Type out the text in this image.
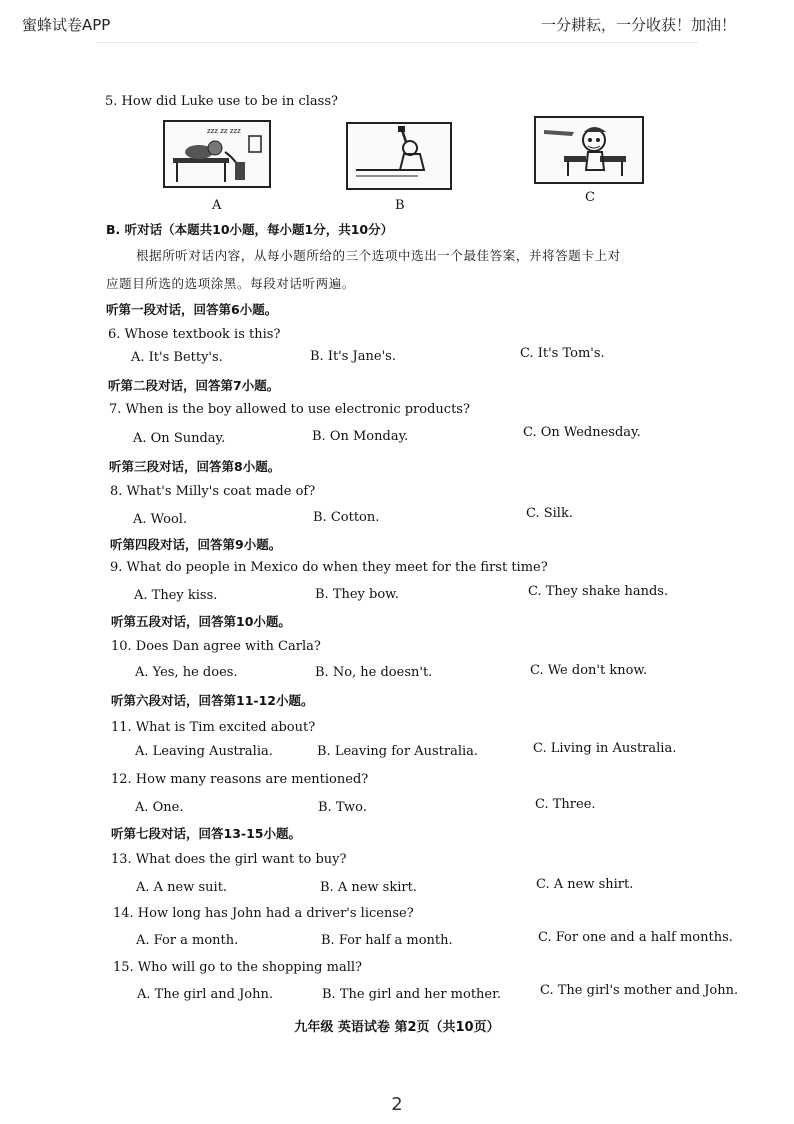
蜜蜂试卷APP	一分耕耘，一分收获！加油！
5. How did Luke use to be in class?
zzz zz zzz
A	B
C
B. 听对话（本题共10小题，每小题1分，共10分）
根据所听对话内容，从每小题所给的三个选项中选出一个最佳答案，并将答题卡上对
应题目所选的选项涂黑。每段对话听两遍。
听第一段对话，回答第6小题。
6. Whose textbook is this?
A. It's Betty's.	B. It's Jane's.	C. It's Tom's.
听第二段对话，回答第7小题。
7. When is the boy allowed to use electronic products?
A. On Sunday.	B. On Monday.	C. On Wednesday.
听第三段对话，回答第8小题。
8. What's Milly's coat made of?
A. Wool.	B. Cotton.	C. Silk.
听第四段对话，回答第9小题。
9. What do people in Mexico do when they meet for the first time?
A. They kiss.	B. They bow.	C. They shake hands.
听第五段对话，回答第10小题。
10. Does Dan agree with Carla?
A. Yes, he does.	B. No, he doesn't.	C. We don't know.
听第六段对话，回答第11-12小题。
11. What is Tim excited about?
A. Leaving Australia.	B. Leaving for Australia.	C. Living in Australia.
12. How many reasons are mentioned?
A. One.	B. Two.	C. Three.
听第七段对话，回答13-15小题。
13. What does the girl want to buy?
A. A new suit.	B. A new skirt.	C. A new shirt.
14. How long has John had a driver's license?
A. For a month.	B. For half a month.	C. For one and a half months.
15. Who will go to the shopping mall?
A. The girl and John.	B. The girl and her mother.	C. The girl's mother and John.
九年级 英语试卷 第2页（共10页）
2
